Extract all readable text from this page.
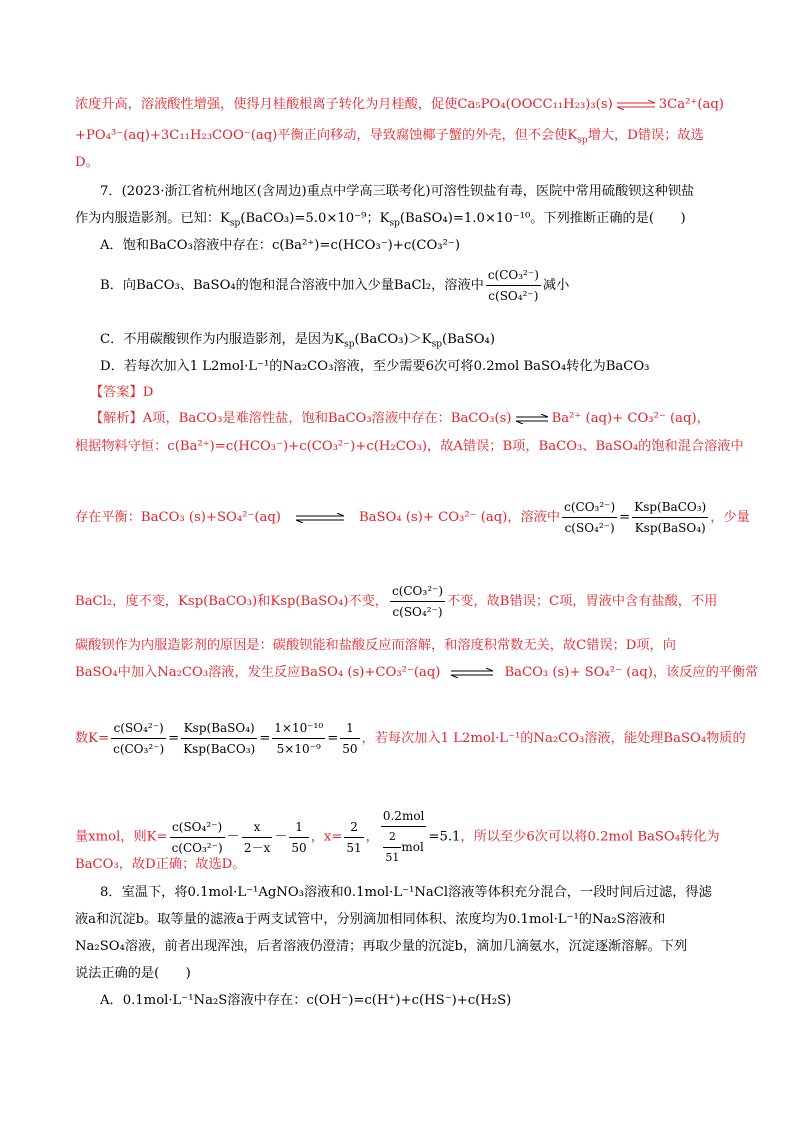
浓度升高，溶液酸性增强，使得月桂酸根离子转化为月桂酸，促使Ca₅PO₄(OOCC₁₁H₂₃)₃(s) ⇌ 3Ca²⁺(aq)
+PO₄³⁻(aq)+3C₁₁H₂₃COO⁻(aq)平衡正向移动，导致腐蚀椰子蟹的外壳，但不会使$K_{sp}$增大，D错误；故选
D。
7．(2023·浙江省杭州地区(含周边)重点中学高三联考化)可溶性钡盐有毒，医院中常用硫酸钡这种钡盐
作为内服造影剂。已知：$K_{sp}(BaCO_3)=5.0\times 10^{-9}$；$K_{sp}(BaSO_4)=1.0\times 10^{-10}$。下列推断正确的是(　　)
A．饱和BaCO₃溶液中存在：c(Ba²⁺)=c(HCO₃⁻)+c(CO₃²⁻)
B．向BaCO₃、BaSO₄的饱和混合溶液中加入少量BaCl₂，溶液中 $\frac{\text{c(CO₃²⁻)}}{\text{c(SO₄²⁻)}}$ 减小
C．不用碳酸钡作为内服造影剂，是因为$K_{sp}(BaCO_3)>K_{sp}(BaSO_4)$
D．若每次加入1 L2mol·L⁻¹的Na₂CO₃溶液，至少需要6次可将0.2mol BaSO₄转化为BaCO₃
【答案】D
【解析】A项，BaCO₃是难溶性盐，饱和BaCO₃溶液中存在：BaCO₃(s) ⇌ Ba²⁺ (aq)+ CO₃²⁻ (aq)，
根据物料守恒：c(Ba²⁺)=c(HCO₃⁻)+c(CO₃²⁻)+c(H₂CO₃)，故A错误；B项，BaCO₃、BaSO₄的饱和混合溶液中
存在平衡：BaCO₃ (s)+SO₄²⁻(aq) ⇌ BaSO₄ (s)+ CO₃²⁻ (aq)，溶液中 $\frac{\text{c(CO₃²⁻)}}{\text{c(SO₄²⁻)}} = \frac{\text{Ksp(BaCO₃)}}{\text{Ksp(BaSO₄)}}$ ，少量
BaCl₂，度不变，Ksp(BaCO₃)和Ksp(BaSO₄)不变， $\frac{\text{c(CO₃²⁻)}}{\text{c(SO₄²⁻)}}$ 不变，故B错误；C项，胃液中含有盐酸，不用
碳酸钡作为内服造影剂的原因是：碳酸钡能和盐酸反应而溶解，和溶度积常数无关，故C错误；D项，向
BaSO₄中加入Na₂CO₃溶液，发生反应BaSO₄ (s)+CO₃²⁻(aq) ⇌ BaCO₃ (s)+ SO₄²⁻ (aq)，该反应的平衡常
数$K= \frac{\text{c(SO₄²⁻)}}{\text{c(CO₃²⁻)}} = \frac{\text{Ksp(BaSO₄)}}{\text{Ksp(BaCO₃)}} = \frac{\text{1×10⁻¹⁰}}{\text{5×10⁻⁹}} = \frac{1}{50}$ ，若每次加入1 L2mol·L⁻¹的Na₂CO₃溶液，能处理BaSO₄物质的
量xmol，则$K= \frac{\text{c(SO₄²⁻)}}{\text{c(CO₃²⁻)}} - \frac{x}{2-x} - \frac{1}{50}$ ，$x= \frac{2}{51}$ ， $\frac{\text{0.2mol}}{\frac{2}{51} mol} =5.1$，所以至少6次可以将0.2mol BaSO₄转化为
BaCO₃，故D正确；故选D。
8．室温下，将0.1mol·L⁻¹AgNO₃溶液和0.1mol·L⁻¹NaCl溶液等体积充分混合，一段时间后过滤，得滤
液a和沉淀b。取等量的滤液a于两支试管中，分别滴加相同体积、浓度均为0.1mol·L⁻¹的Na₂S溶液和
Na₂SO₄溶液，前者出现浑浊，后者溶液仍澄清；再取少量的沉淀b，滴加几滴氨水，沉淀逐渐溶解。下列
说法正确的是(　　)
A．0.1mol·L⁻¹Na₂S溶液中存在：c(OH⁻)=c(H⁺)+c(HS⁻)+c(H₂S)
